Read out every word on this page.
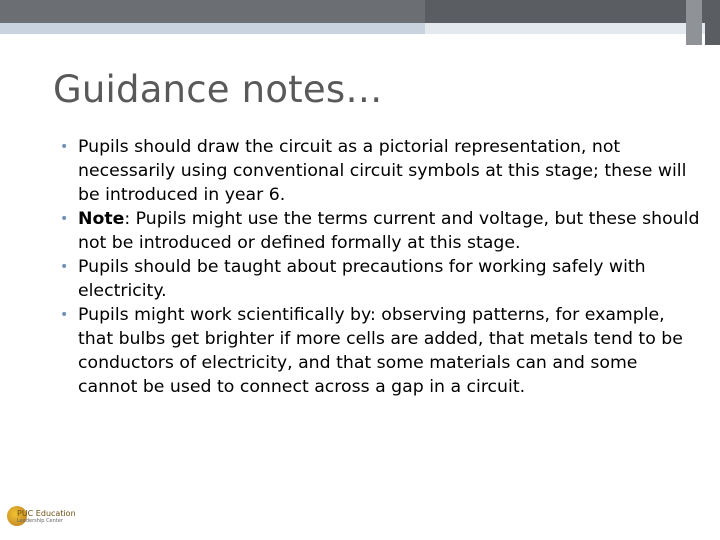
Guidance notes…
• Pupils should draw the circuit as a pictorial representation, not necessarily using conventional circuit symbols at this stage; these will be introduced in year 6.
• Note: Pupils might use the terms current and voltage, but these should not be introduced or defined formally at this stage.
• Pupils should be taught about precautions for working safely with electricity.
• Pupils might work scientifically by: observing patterns, for example, that bulbs get brighter if more cells are added, that metals tend to be conductors of electricity, and that some materials can and some cannot be used to connect across a gap in a circuit.
PUC Education
Leadership Center
